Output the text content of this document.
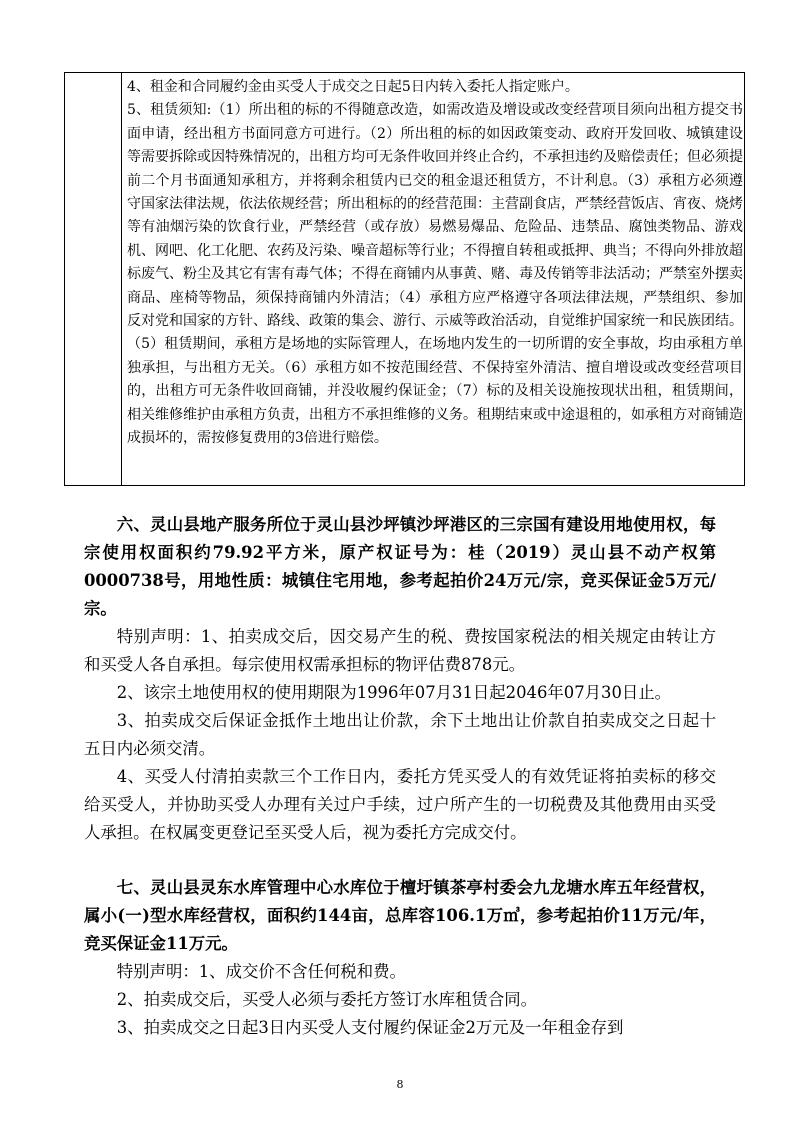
4、租金和合同履约金由买受人于成交之日起5日内转入委托人指定账户。

5、租赁须知:（1）所出租的标的不得随意改造，如需改造及增设或改变经营项目须向出租方提交书面申请，经出租方书面同意方可进行。（2）所出租的标的如因政策变动、政府开发回收、城镇建设等需要拆除或因特殊情况的，出租方均可无条件收回并终止合约，不承担违约及赔偿责任；但必须提前二个月书面通知承租方，并将剩余租赁内已交的租金退还租赁方，不计利息。（3）承租方必须遵守国家法律法规，依法依规经营；所出租标的的经营范围：主营副食店，严禁经营饭店、宵夜、烧烤等有油烟污染的饮食行业，严禁经营（或存放）易燃易爆品、危险品、违禁品、腐蚀类物品、游戏机、网吧、化工化肥、农药及污染、噪音超标等行业；不得擅自转租或抵押、典当；不得向外排放超标废气、粉尘及其它有害有毒气体；不得在商铺内从事黄、赌、毒及传销等非法活动；严禁室外摆卖商品、座椅等物品，须保持商铺内外清洁；（4）承租方应严格遵守各项法律法规，严禁组织、参加反对党和国家的方针、路线、政策的集会、游行、示威等政治活动，自觉维护国家统一和民族团结。（5）租赁期间，承租方是场地的实际管理人，在场地内发生的一切所谓的安全事故，均由承租方单独承担，与出租方无关。（6）承租方如不按范围经营、不保持室外清洁、擅自增设或改变经营项目的，出租方可无条件收回商铺，并没收履约保证金；（7）标的及相关设施按现状出租，租赁期间，相关维修维护由承租方负责，出租方不承担维修的义务。租期结束或中途退租的，如承租方对商铺造成损坏的，需按修复费用的3倍进行赔偿。

六、灵山县地产服务所位于灵山县沙坪镇沙坪港区的三宗国有建设用地使用权，每宗使用权面积约79.92平方米，原产权证号为：桂（2019）灵山县不动产权第0000738号，用地性质：城镇住宅用地，参考起拍价24万元/宗，竞买保证金5万元/宗。

特别声明：1、拍卖成交后，因交易产生的税、费按国家税法的相关规定由转让方和买受人各自承担。每宗使用权需承担标的物评估费878元。

2、该宗土地使用权的使用期限为1996年07月31日起2046年07月30日止。

3、拍卖成交后保证金抵作土地出让价款，余下土地出让价款自拍卖成交之日起十五日内必须交清。

4、买受人付清拍卖款三个工作日内，委托方凭买受人的有效凭证将拍卖标的移交给买受人，并协助买受人办理有关过户手续，过户所产生的一切税费及其他费用由买受人承担。在权属变更登记至买受人后，视为委托方完成交付。

七、灵山县灵东水库管理中心水库位于檀圩镇茶亭村委会九龙塘水库五年经营权，属小(一)型水库经营权，面积约144亩，总库容106.1万㎥，参考起拍价11万元/年，竞买保证金11万元。

特别声明：1、成交价不含任何税和费。

2、拍卖成交后，买受人必须与委托方签订水库租赁合同。

3、拍卖成交之日起3日内买受人支付履约保证金2万元及一年租金存到

8
